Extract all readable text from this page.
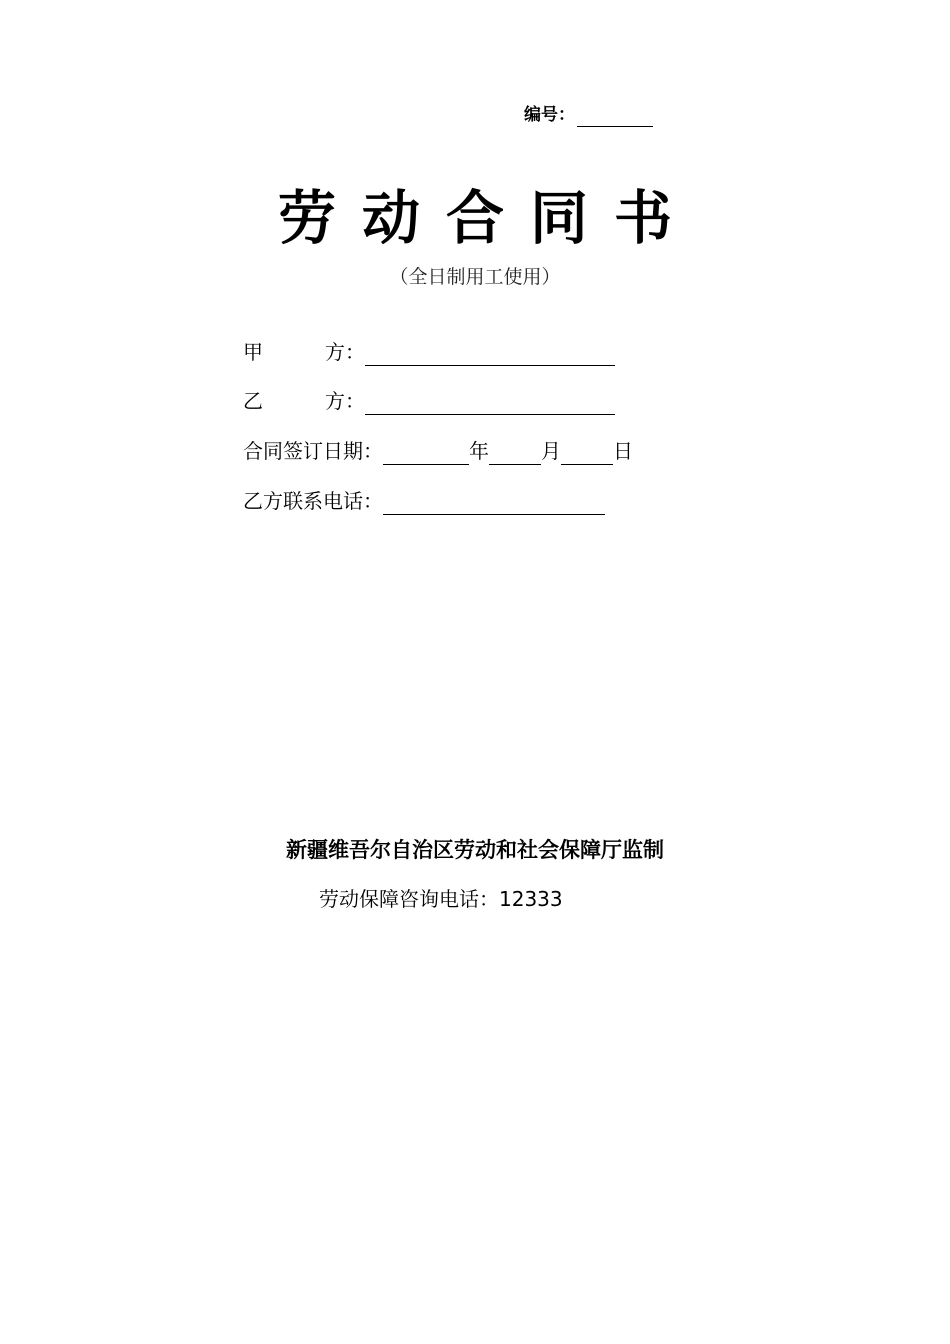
编号：
劳动合同书
（全日制用工使用）
甲	方：
乙	方：
合同签订日期：	年	月	日
乙方联系电话：
新疆维吾尔自治区劳动和社会保障厅监制
劳动保障咨询电话：12333
